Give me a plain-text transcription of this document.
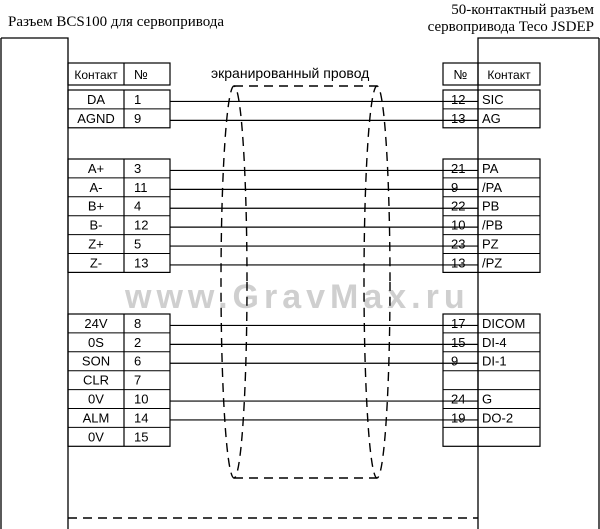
Разъем BCS100 для сервопривода
50-контактный разъем
сервопривода Teco JSDEP
экранированный провод
www.GravMax.ru
Контакт №
DA 1
AGND 9
A+ 3
A- 11
B+ 4
B- 12
Z+ 5
Z- 13
24V 8
0S 2
SON 6
CLR 7
0V 10
ALM 14
0V 15
№ Контакт
12 SIC
13 AG
21 PA
9 /PA
22 PB
10 /PB
23 PZ
13 /PZ
17 DICOM
15 DI-4
9 DI-1
24 G
19 DO-2
